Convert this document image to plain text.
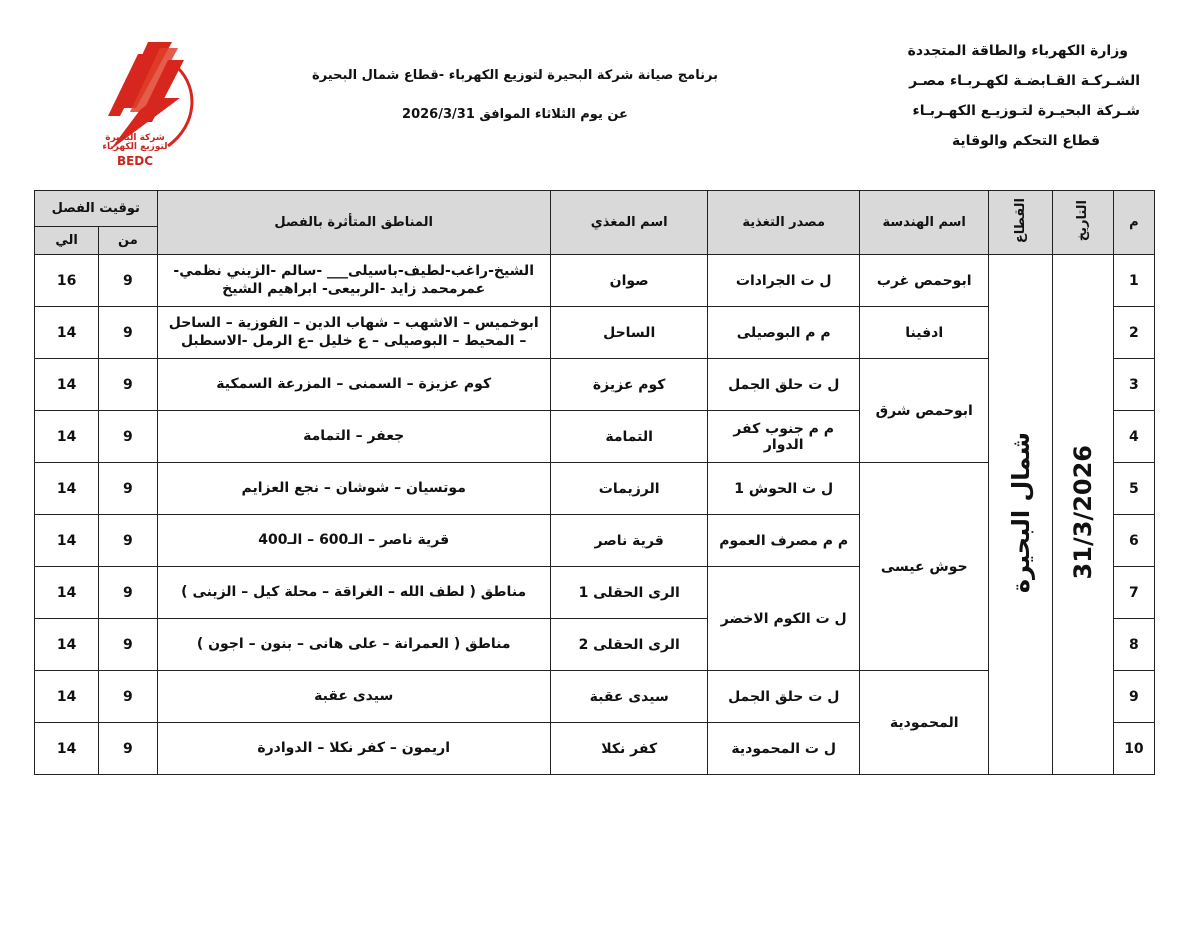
شركة البحيرة لتوزيع الكهرباء
BEDC
برنامج صيانة شركة البحيرة لتوزيع الكهرباء -قطاع شمال البحيرة
عن يوم الثلاثاء الموافق 2026/3/31
وزارة الكهرباء والطاقة المتجددة
الشـركـة القـابضـة لكهـربـاء مصـر
شـركة البحيـرة لتـوزيـع الكهـربـاء
قطاع التحكم والوقاية
م	التاريخ	القطاع	اسم الهندسة	مصدر التغذية	اسم المغذي	المناطق المتأثرة بالفصل	توقيت الفصل	
							من	الي
1	31/3/2026	شمال البحيرة	ابوحمص غرب	ل ت الجرادات	صوان	الشيخ-راغب-لطيف-باسيلى___ -سالم -الزيني نظمي-
عمرمحمد زايد -الربيعى- ابراهيم الشيخ	9	16
2			ادفينا	م م البوصيلى	الساحل	ابوخميس – الاشهب – شهاب الدين – الفوزية – الساحل
– المحيط – البوصيلى – ع خليل –ع الرمل -الاسطبل	9	14
3			ابوحمص شرق	ل ت حلق الجمل	كوم عزيزة	كوم عزيزة – السمنى – المزرعة السمكية	9	14
4				م م جنوب كفر الدوار	التمامة	جعفر – التمامة	9	14
5			حوش عيسى	ل ت الحوش 1	الرزيمات	موتسيان – شوشان – نجع العزايم	9	14
6				م م مصرف العموم	قرية ناصر	قرية ناصر – الـ600 – الـ400	9	14
7				ل ت الكوم الاخضر	الرى الحقلى 1	مناطق ( لطف الله – الغراقة – محلة كيل – الزينى )	9	14
8					الرى الحقلى 2	مناطق ( العمرانة – على هانى – بنون – اجون )	9	14
9			المحمودية	ل ت حلق الجمل	سيدى عقبة	سيدى عقبة	9	14
10				ل ت المحمودية	كفر نكلا	اريمون – كفر نكلا – الدوادرة	9	14
